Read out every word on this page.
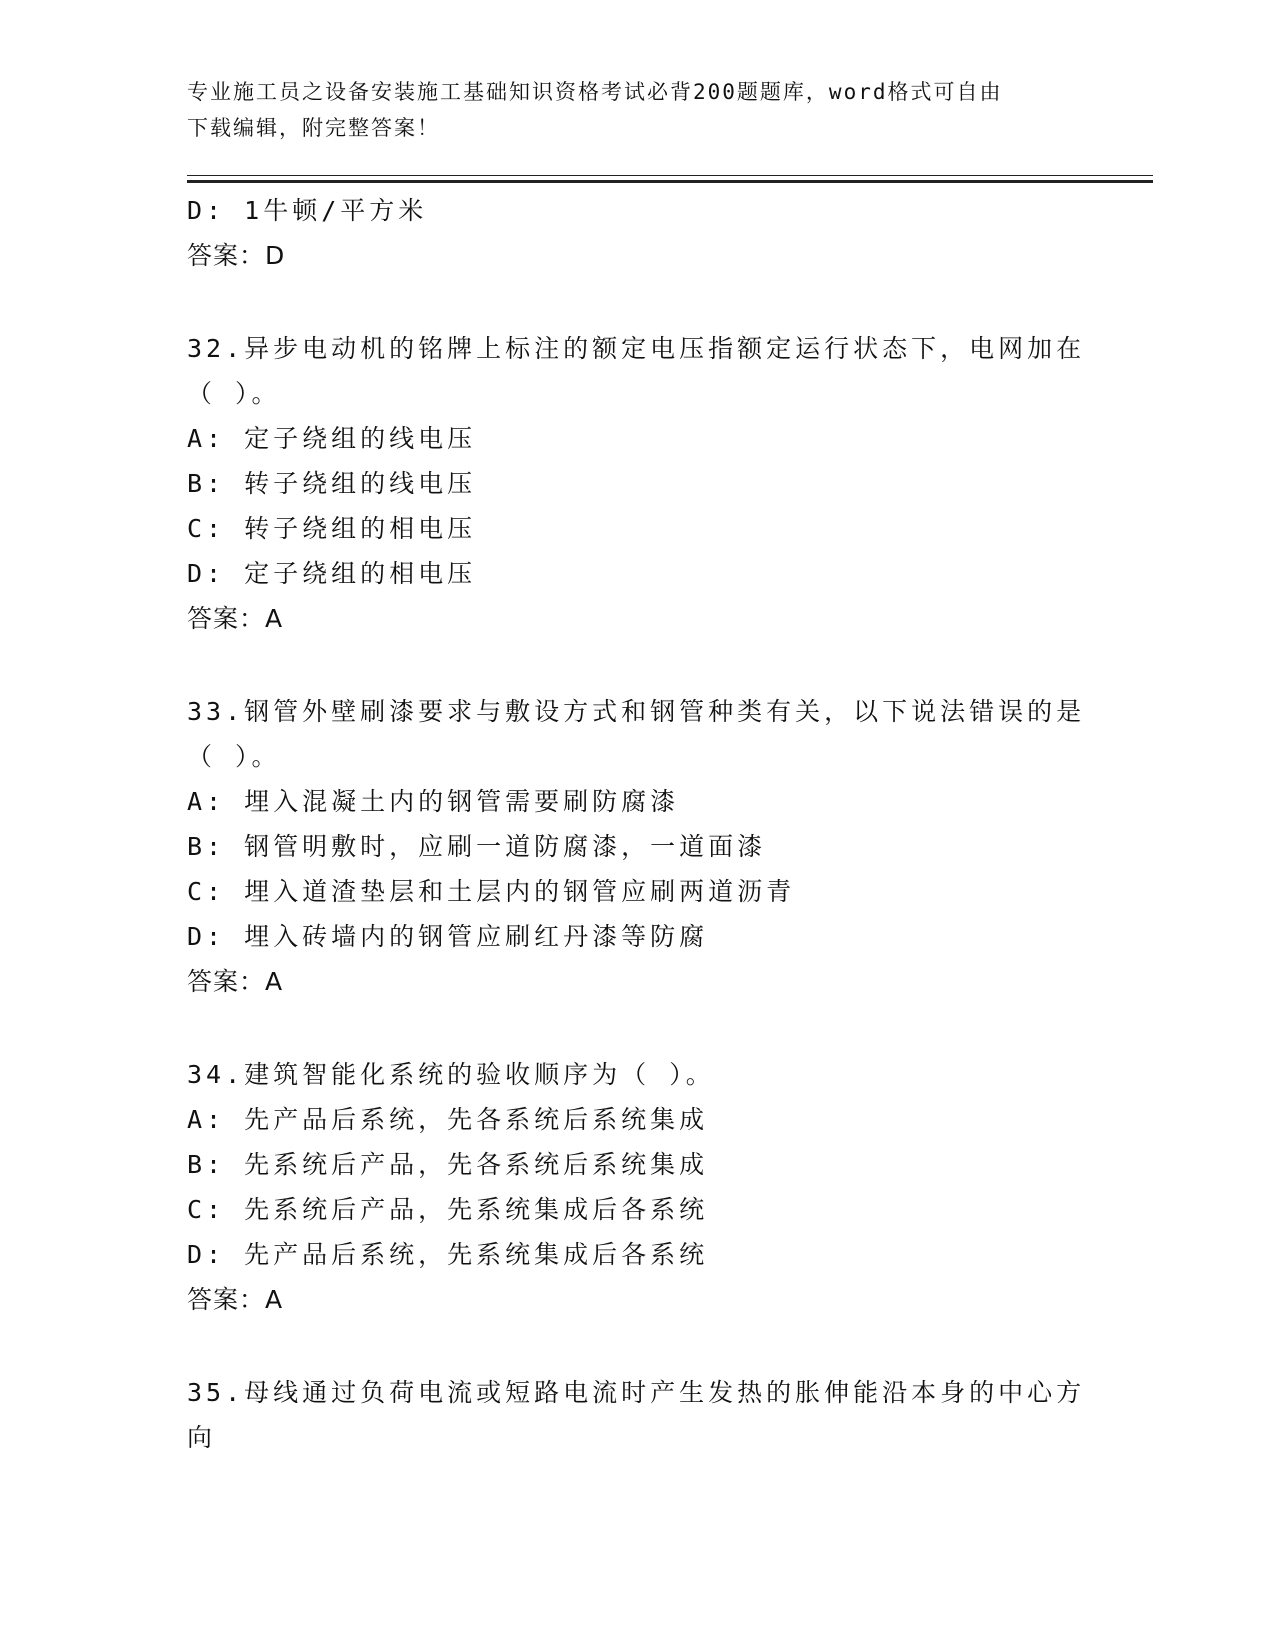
专业施工员之设备安装施工基础知识资格考试必背200题题库，word格式可自由
下载编辑，附完整答案！
D: 1牛顿/平方米
答案：D
32.异步电动机的铭牌上标注的额定电压指额定运行状态下，电网加在
（ ）。
A: 定子绕组的线电压
B: 转子绕组的线电压
C: 转子绕组的相电压
D: 定子绕组的相电压
答案：A
33.钢管外壁刷漆要求与敷设方式和钢管种类有关，以下说法错误的是
（ ）。
A: 埋入混凝土内的钢管需要刷防腐漆
B: 钢管明敷时，应刷一道防腐漆，一道面漆
C: 埋入道渣垫层和土层内的钢管应刷两道沥青
D: 埋入砖墙内的钢管应刷红丹漆等防腐
答案：A
34.建筑智能化系统的验收顺序为（ ）。
A: 先产品后系统，先各系统后系统集成
B: 先系统后产品，先各系统后系统集成
C: 先系统后产品，先系统集成后各系统
D: 先产品后系统，先系统集成后各系统
答案：A
35.母线通过负荷电流或短路电流时产生发热的胀伸能沿本身的中心方
向
